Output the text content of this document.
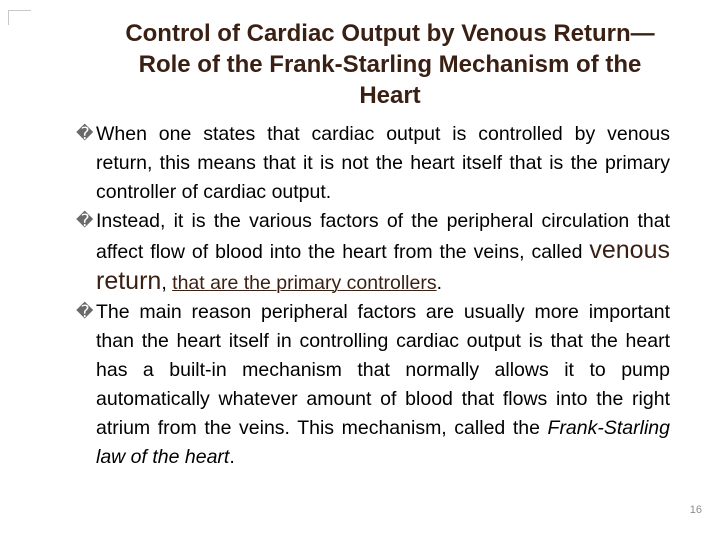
Control of Cardiac Output by Venous Return—Role of the Frank-Starling Mechanism of the Heart

� When one states that cardiac output is controlled by venous return, this means that it is not the heart itself that is the primary controller of cardiac output.

� Instead, it is the various factors of the peripheral circulation that affect flow of blood into the heart from the veins, called venous return, that are the primary controllers.

� The main reason peripheral factors are usually more important than the heart itself in controlling cardiac output is that the heart has a built-in mechanism that normally allows it to pump automatically whatever amount of blood that flows into the right atrium from the veins. This mechanism, called the Frank-Starling law of the heart.

16
